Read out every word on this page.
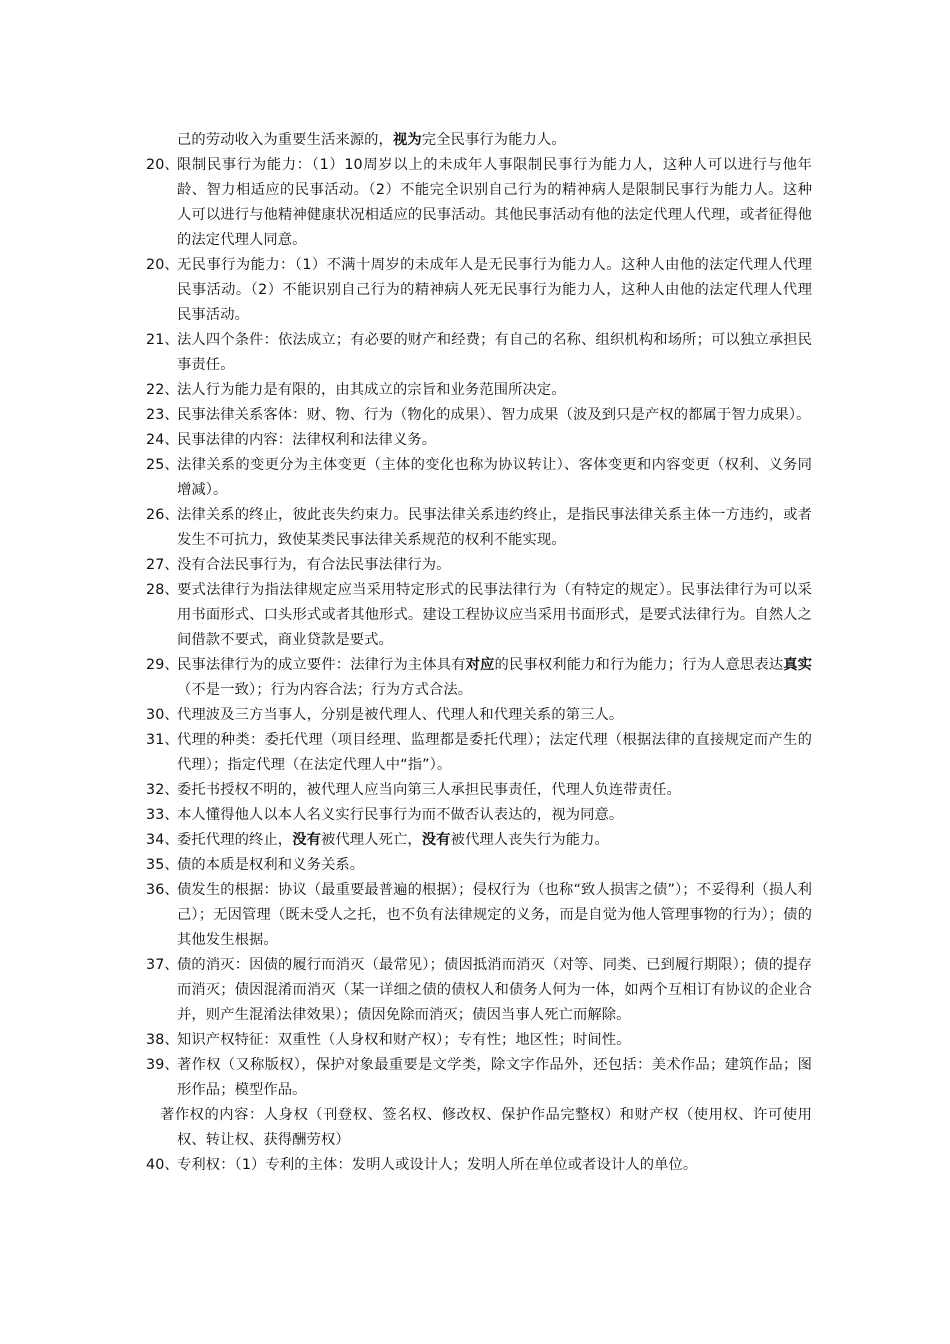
己的劳动收入为重要生活来源的，视为完全民事行为能力人。

20、
限制民事行为能力：（1）10周岁以上的未成年人事限制民事行为能力人，这种人可以进行与他年龄、智力相适应的民事活动。（2）不能完全识别自己行为的精神病人是限制民事行为能力人。这种人可以进行与他精神健康状况相适应的民事活动。其他民事活动有他的法定代理人代理，或者征得他的法定代理人同意。

20、
无民事行为能力：（1）不满十周岁的未成年人是无民事行为能力人。这种人由他的法定代理人代理民事活动。（2）不能识别自己行为的精神病人死无民事行为能力人，这种人由他的法定代理人代理民事活动。

21、
法人四个条件：依法成立；有必要的财产和经费；有自己的名称、组织机构和场所；可以独立承担民事责任。

22、
法人行为能力是有限的，由其成立的宗旨和业务范围所决定。

23、
民事法律关系客体：财、物、行为（物化的成果）、智力成果（波及到只是产权的都属于智力成果）。

24、
民事法律的内容：法律权利和法律义务。

25、
法律关系的变更分为主体变更（主体的变化也称为协议转让）、客体变更和内容变更（权利、义务同增减）。

26、
法律关系的终止，彼此丧失约束力。民事法律关系违约终止，是指民事法律关系主体一方违约，或者发生不可抗力，致使某类民事法律关系规范的权利不能实现。

27、
没有合法民事行为，有合法民事法律行为。

28、
要式法律行为指法律规定应当采用特定形式的民事法律行为（有特定的规定）。民事法律行为可以采用书面形式、口头形式或者其他形式。建设工程协议应当采用书面形式，是要式法律行为。自然人之间借款不要式，商业贷款是要式。

29、
民事法律行为的成立要件：法律行为主体具有对应的民事权利能力和行为能力；行为人意思表达真实（不是一致）；行为内容合法；行为方式合法。

30、
代理波及三方当事人，分别是被代理人、代理人和代理关系的第三人。

31、
代理的种类：委托代理（项目经理、监理都是委托代理）；法定代理（根据法律的直接规定而产生的代理）；指定代理（在法定代理人中“指”）。

32、
委托书授权不明的，被代理人应当向第三人承担民事责任，代理人负连带责任。

33、
本人懂得他人以本人名义实行民事行为而不做否认表达的，视为同意。

34、
委托代理的终止，没有被代理人死亡，没有被代理人丧失行为能力。

35、
债的本质是权利和义务关系。

36、
债发生的根据：协议（最重要最普遍的根据）；侵权行为（也称“致人损害之债”）；不妥得利（损人利己）；无因管理（既未受人之托，也不负有法律规定的义务，而是自觉为他人管理事物的行为）；债的其他发生根据。

37、
债的消灭：因债的履行而消灭（最常见）；债因抵消而消灭（对等、同类、已到履行期限）；债的提存而消灭；债因混淆而消灭（某一详细之债的债权人和债务人何为一体，如两个互相订有协议的企业合并，则产生混淆法律效果）；债因免除而消灭；债因当事人死亡而解除。

38、
知识产权特征：双重性（人身权和财产权）；专有性；地区性；时间性。

39、
著作权（又称版权），保护对象最重要是文学类，除文字作品外，还包括：美术作品；建筑作品；图形作品；模型作品。

著作权的内容：人身权（刊登权、签名权、修改权、保护作品完整权）和财产权（使用权、许可使用权、转让权、获得酬劳权）

40、
专利权：（1）专利的主体：发明人或设计人；发明人所在单位或者设计人的单位。
